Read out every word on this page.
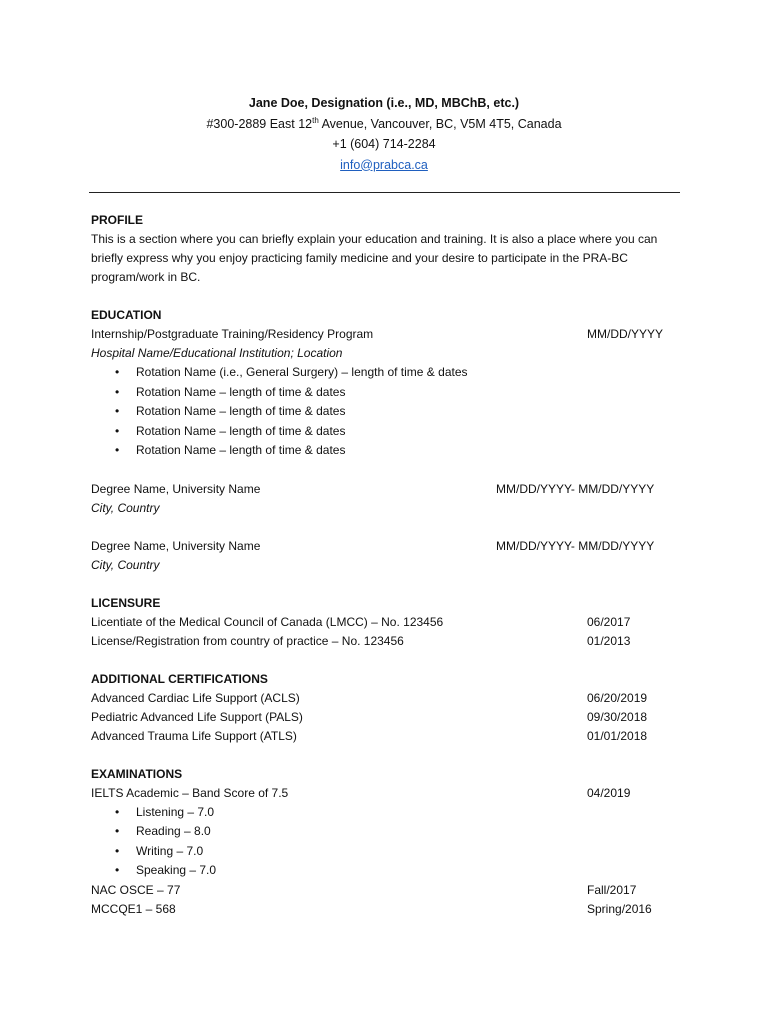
Jane Doe, Designation (i.e., MD, MBChB, etc.)
#300-2889 East 12th Avenue, Vancouver, BC, V5M 4T5, Canada
+1 (604) 714-2284
info@prabca.ca
PROFILE
This is a section where you can briefly explain your education and training. It is also a place where you can briefly express why you enjoy practicing family medicine and your desire to participate in the PRA-BC program/work in BC.
EDUCATION
Internship/Postgraduate Training/Residency Program	MM/DD/YYYY
Hospital Name/Educational Institution; Location
• Rotation Name (i.e., General Surgery) – length of time & dates
• Rotation Name – length of time & dates
• Rotation Name – length of time & dates
• Rotation Name – length of time & dates
• Rotation Name – length of time & dates
Degree Name, University Name	MM/DD/YYYY- MM/DD/YYYY
City, Country
Degree Name, University Name	MM/DD/YYYY- MM/DD/YYYY
City, Country
LICENSURE
Licentiate of the Medical Council of Canada (LMCC) – No. 123456	06/2017
License/Registration from country of practice – No. 123456	01/2013
ADDITIONAL CERTIFICATIONS
Advanced Cardiac Life Support (ACLS)	06/20/2019
Pediatric Advanced Life Support (PALS)	09/30/2018
Advanced Trauma Life Support (ATLS)	01/01/2018
EXAMINATIONS
IELTS Academic – Band Score of 7.5	04/2019
• Listening – 7.0
• Reading – 8.0
• Writing – 7.0
• Speaking – 7.0
NAC OSCE – 77	Fall/2017
MCCQE1 – 568	Spring/2016
